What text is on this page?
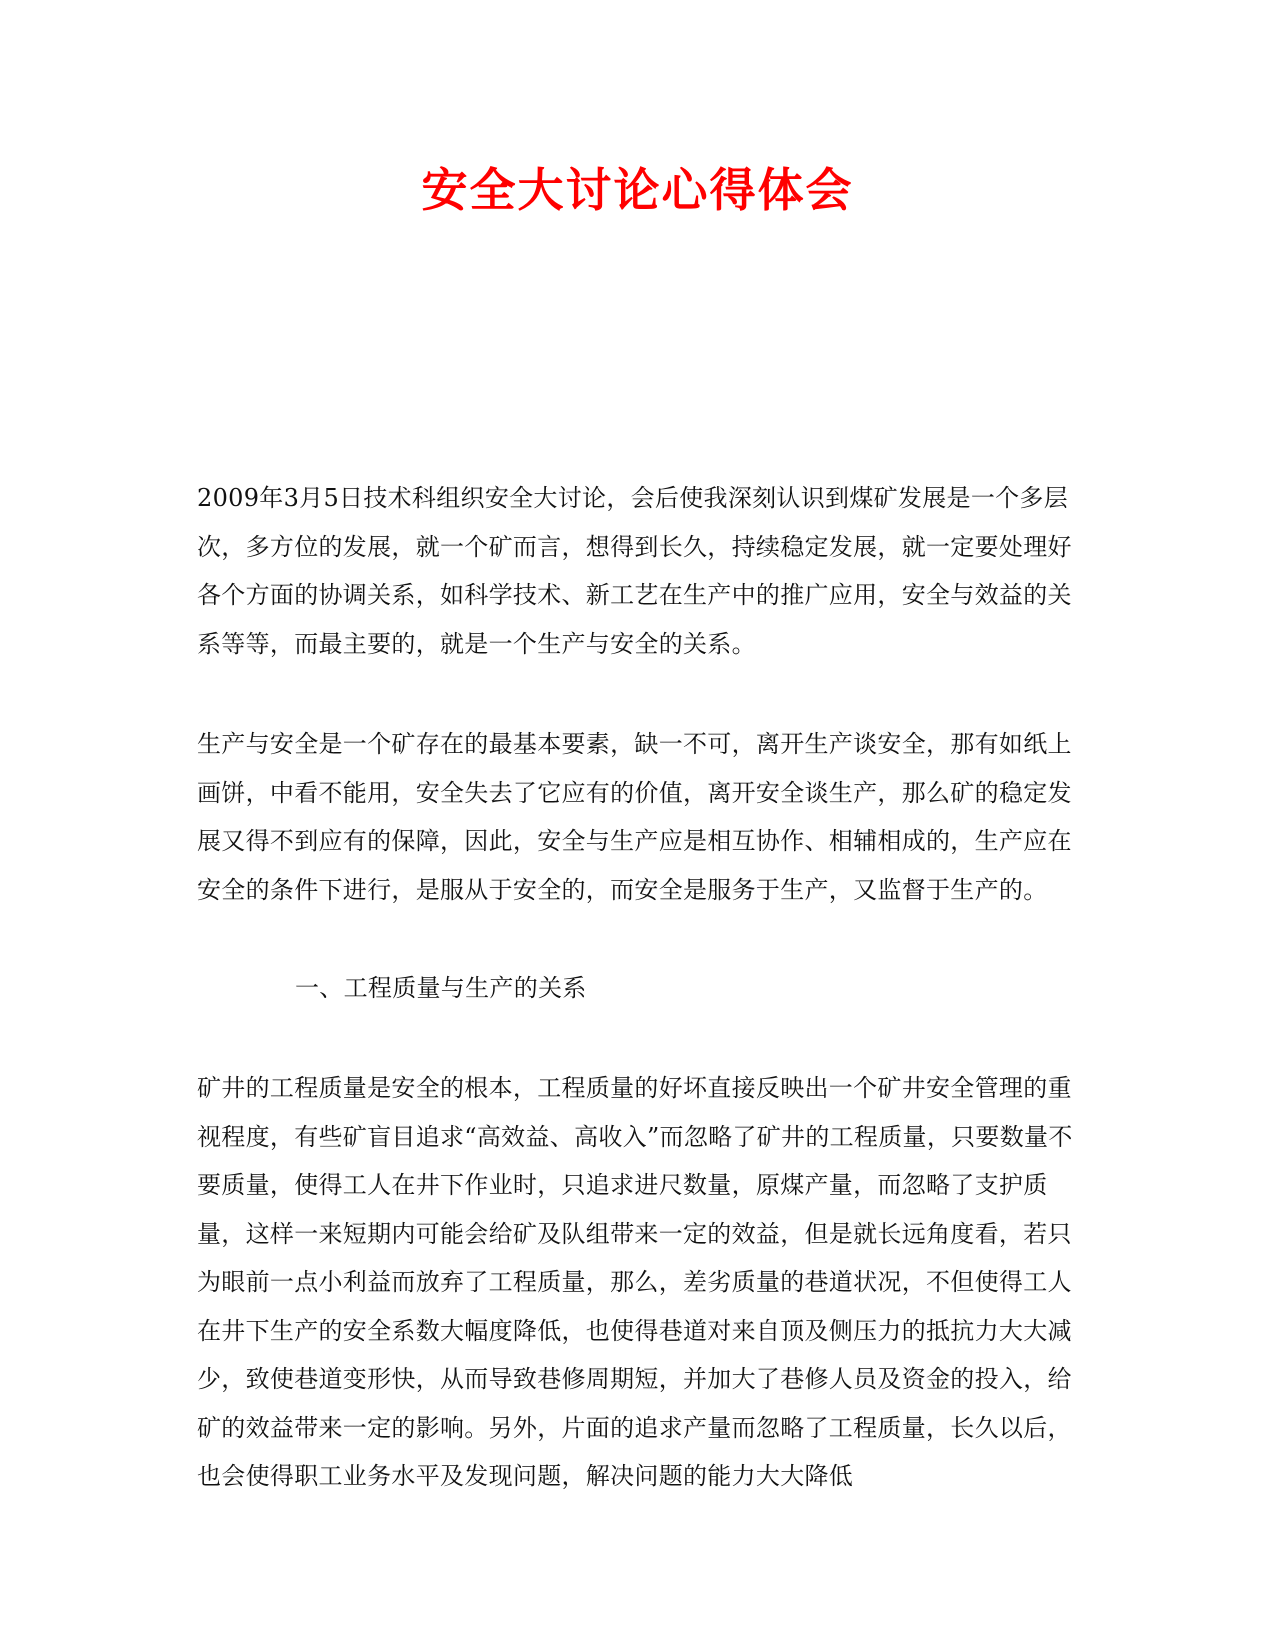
安全大讨论心得体会

2009年3月5日技术科组织安全大讨论，会后使我深刻认识到煤矿发展是一个多层次，多方位的发展，就一个矿而言，想得到长久，持续稳定发展，就一定要处理好各个方面的协调关系，如科学技术、新工艺在生产中的推广应用，安全与效益的关系等等，而最主要的，就是一个生产与安全的关系。

生产与安全是一个矿存在的最基本要素，缺一不可，离开生产谈安全，那有如纸上画饼，中看不能用，安全失去了它应有的价值，离开安全谈生产，那么矿的稳定发展又得不到应有的保障，因此，安全与生产应是相互协作、相辅相成的，生产应在安全的条件下进行，是服从于安全的，而安全是服务于生产，又监督于生产的。

一、工程质量与生产的关系

矿井的工程质量是安全的根本，工程质量的好坏直接反映出一个矿井安全管理的重视程度，有些矿盲目追求“高效益、高收入”而忽略了矿井的工程质量，只要数量不要质量，使得工人在井下作业时，只追求进尺数量，原煤产量，而忽略了支护质量，这样一来短期内可能会给矿及队组带来一定的效益，但是就长远角度看，若只为眼前一点小利益而放弃了工程质量，那么，差劣质量的巷道状况，不但使得工人在井下生产的安全系数大幅度降低，也使得巷道对来自顶及侧压力的抵抗力大大减少，致使巷道变形快，从而导致巷修周期短，并加大了巷修人员及资金的投入，给矿的效益带来一定的影响。另外，片面的追求产量而忽略了工程质量，长久以后，也会使得职工业务水平及发现问题，解决问题的能力大大降低
